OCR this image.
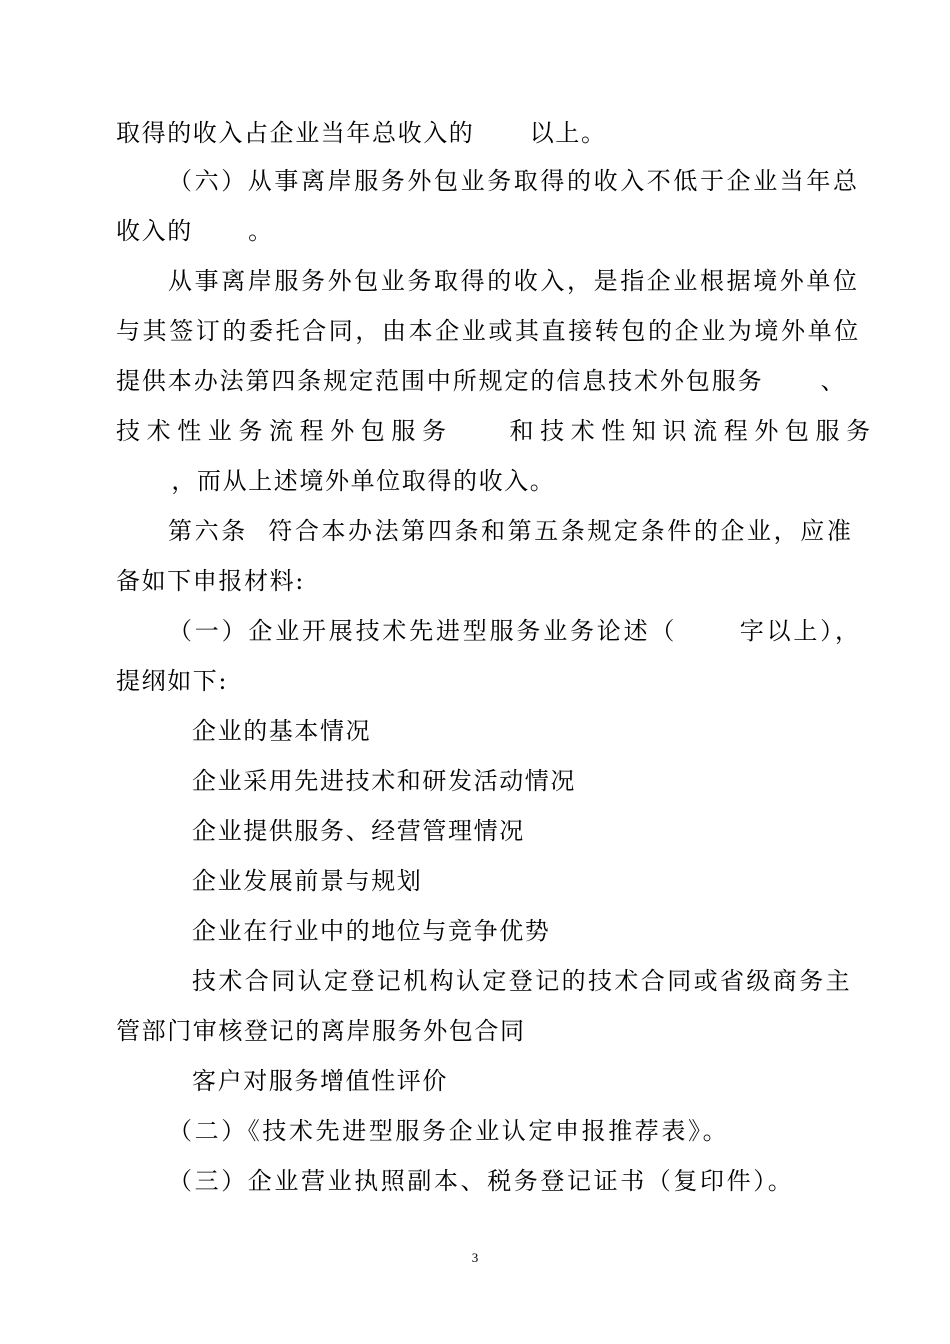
取得的收入占企业当年总收入的      以上。
（六）从事离岸服务外包业务取得的收入不低于企业当年总
收入的      。
从事离岸服务外包业务取得的收入，是指企业根据境外单位
与其签订的委托合同，由本企业或其直接转包的企业为境外单位
提供本办法第四条规定范围中所规定的信息技术外包服务      、
技术性业务流程外包服务    和技术性知识流程外包服务
，而从上述境外单位取得的收入。
第六条  符合本办法第四条和第五条规定条件的企业，应准
备如下申报材料:
（一）企业开展技术先进型服务业务论述（      字以上），
提纲如下:
企业的基本情况
企业采用先进技术和研发活动情况
企业提供服务、经营管理情况
企业发展前景与规划
企业在行业中的地位与竞争优势
技术合同认定登记机构认定登记的技术合同或省级商务主
管部门审核登记的离岸服务外包合同
客户对服务增值性评价
（二）《技术先进型服务企业认定申报推荐表》。
（三）企业营业执照副本、税务登记证书（复印件）。
3
